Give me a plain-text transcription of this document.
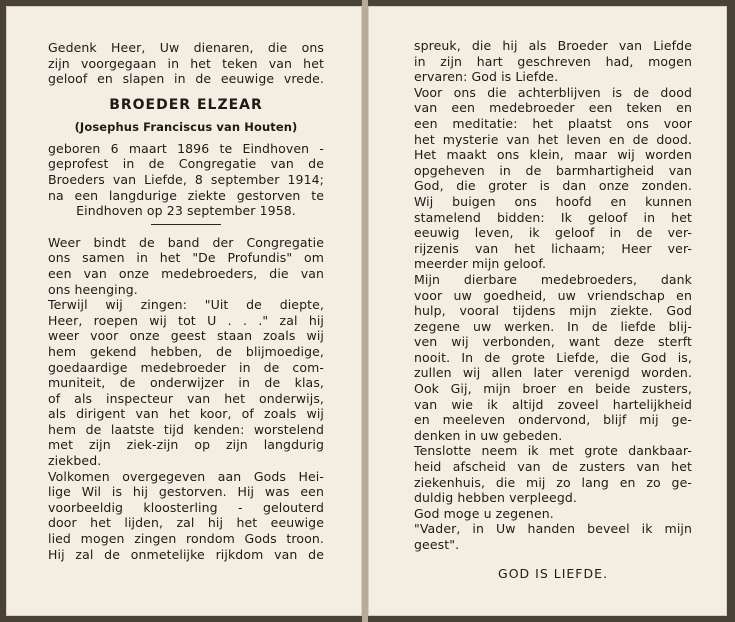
Gedenk Heer, Uw dienaren, die ons
zijn voorgegaan in het teken van het
geloof en slapen in de eeuwige vrede.
BROEDER ELZEAR
(Josephus Franciscus van Houten)
geboren 6 maart 1896 te Eindhoven -
geprofest in de Congregatie van de
Broeders van Liefde, 8 september 1914;
na een langdurige ziekte gestorven te
Eindhoven op 23 september 1958.
Weer bindt de band der Congregatie
ons samen in het "De Profundis" om
een van onze medebroeders, die van
ons heenging.
Terwijl wij zingen: "Uit de diepte,
Heer, roepen wij tot U . . ." zal hij
weer voor onze geest staan zoals wij
hem gekend hebben, de blijmoedige,
goedaardige medebroeder in de com-
muniteit, de onderwijzer in de klas,
of als inspecteur van het onderwijs,
als dirigent van het koor, of zoals wij
hem de laatste tijd kenden: worstelend
met zijn ziek-zijn op zijn langdurig
ziekbed.
Volkomen overgegeven aan Gods Hei-
lige Wil is hij gestorven. Hij was een
voorbeeldig kloosterling - gelouterd
door het lijden, zal hij het eeuwige
lied mogen zingen rondom Gods troon.
Hij zal de onmetelijke rijkdom van de
spreuk, die hij als Broeder van Liefde
in zijn hart geschreven had, mogen
ervaren: God is Liefde.
Voor ons die achterblijven is de dood
van een medebroeder een teken en
een meditatie: het plaatst ons voor
het mysterie van het leven en de dood.
Het maakt ons klein, maar wij worden
opgeheven in de barmhartigheid van
God, die groter is dan onze zonden.
Wij buigen ons hoofd en kunnen
stamelend bidden: Ik geloof in het
eeuwig leven, ik geloof in de ver-
rijzenis van het lichaam; Heer ver-
meerder mijn geloof.
Mijn dierbare medebroeders, dank
voor uw goedheid, uw vriendschap en
hulp, vooral tijdens mijn ziekte. God
zegene uw werken. In de liefde blij-
ven wij verbonden, want deze sterft
nooit. In de grote Liefde, die God is,
zullen wij allen later verenigd worden.
Ook Gij, mijn broer en beide zusters,
van wie ik altijd zoveel hartelijkheid
en meeleven ondervond, blijf mij ge-
denken in uw gebeden.
Tenslotte neem ik met grote dankbaar-
heid afscheid van de zusters van het
ziekenhuis, die mij zo lang en zo ge-
duldig hebben verpleegd.
God moge u zegenen.
"Vader, in Uw handen beveel ik mijn
geest".
GOD IS LIEFDE.
